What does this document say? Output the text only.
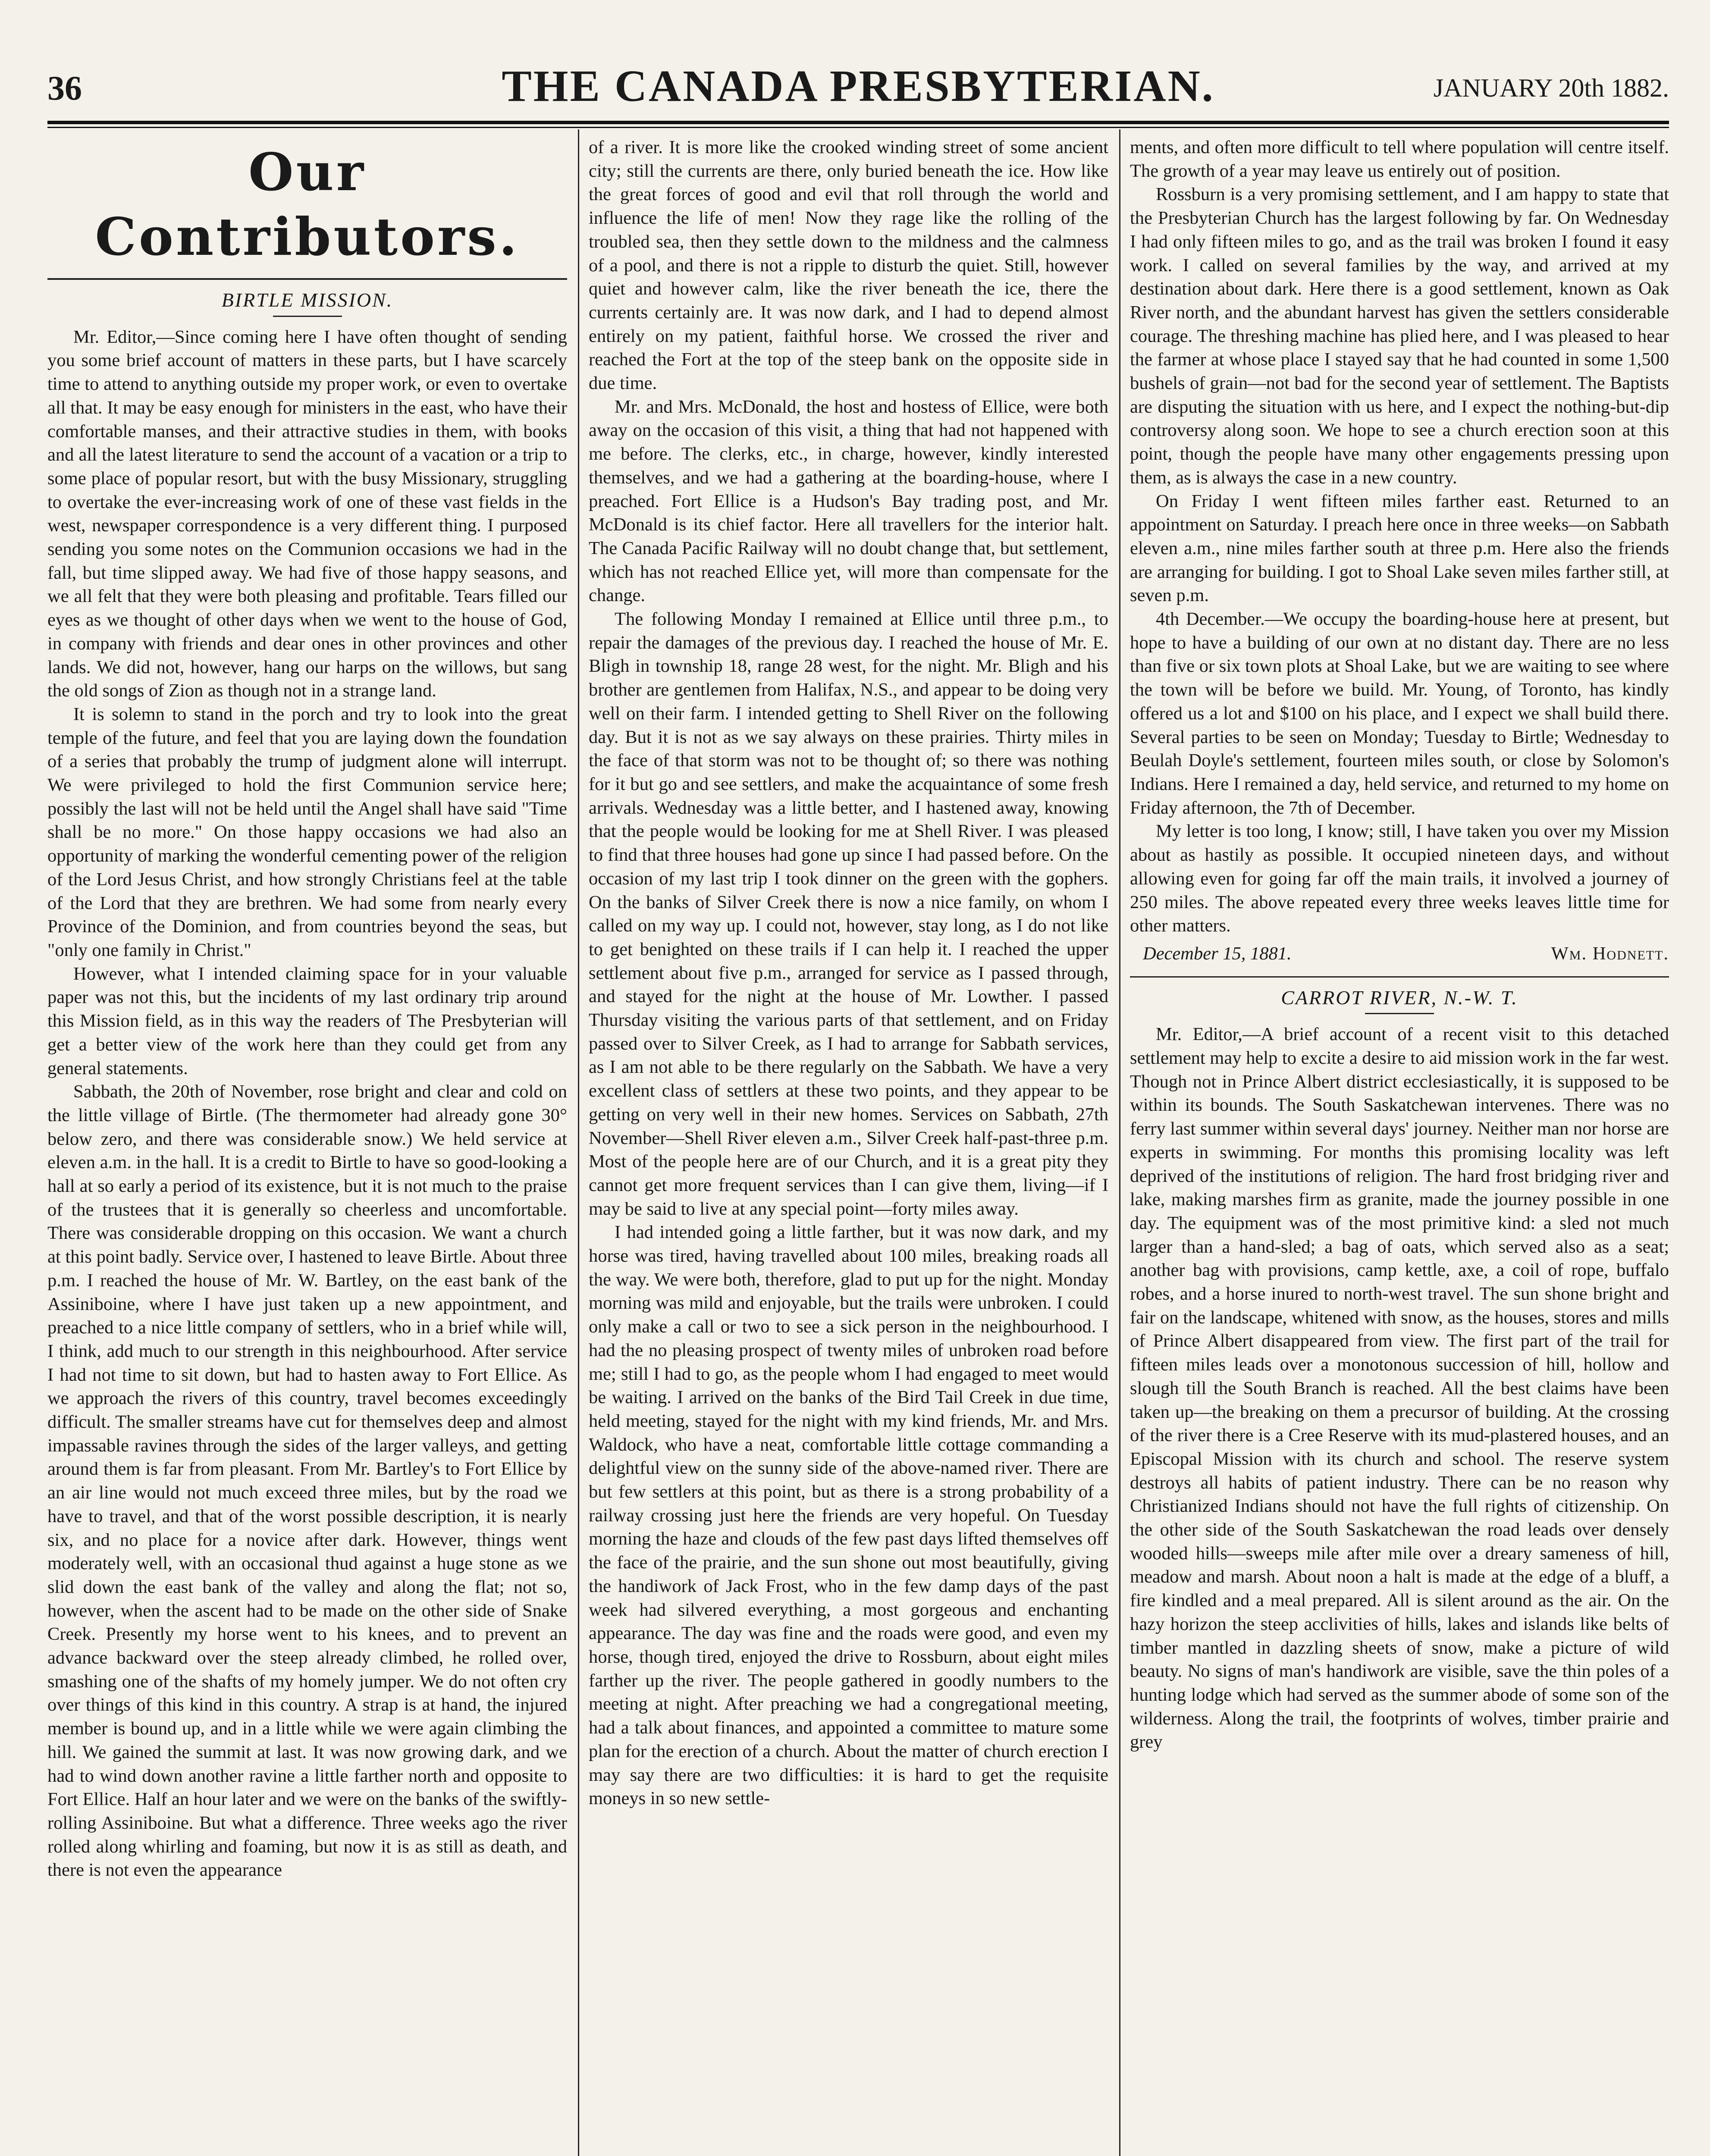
36	THE CANADA PRESBYTERIAN.	JANUARY 20th 1882.
Our Contributors.
BIRTLE MISSION.

Mr. Editor,—Since coming here I have often thought of sending you some brief account of matters in these parts, but I have scarcely time to attend to anything outside my proper work, or even to overtake all that. It may be easy enough for ministers in the east, who have their comfortable manses, and their attractive studies in them, with books and all the latest literature to send the account of a vacation or a trip to some place of popular resort, but with the busy Missionary, struggling to overtake the ever-increasing work of one of these vast fields in the west, newspaper correspondence is a very different thing. I purposed sending you some notes on the Communion occasions we had in the fall, but time slipped away. We had five of those happy seasons, and we all felt that they were both pleasing and profitable. Tears filled our eyes as we thought of other days when we went to the house of God, in company with friends and dear ones in other provinces and other lands. We did not, however, hang our harps on the willows, but sang the old songs of Zion as though not in a strange land.

It is solemn to stand in the porch and try to look into the great temple of the future, and feel that you are laying down the foundation of a series that probably the trump of judgment alone will interrupt. We were privileged to hold the first Communion service here; possibly the last will not be held until the Angel shall have said "Time shall be no more." On those happy occasions we had also an opportunity of marking the wonderful cementing power of the religion of the Lord Jesus Christ, and how strongly Christians feel at the table of the Lord that they are brethren. We had some from nearly every Province of the Dominion, and from countries beyond the seas, but "only one family in Christ."

However, what I intended claiming space for in your valuable paper was not this, but the incidents of my last ordinary trip around this Mission field, as in this way the readers of The Presbyterian will get a better view of the work here than they could get from any general statements.

Sabbath, the 20th of November, rose bright and clear and cold on the little village of Birtle. (The thermometer had already gone 30° below zero, and there was considerable snow.) We held service at eleven a.m. in the hall. It is a credit to Birtle to have so good-looking a hall at so early a period of its existence, but it is not much to the praise of the trustees that it is generally so cheerless and uncomfortable. There was considerable dropping on this occasion. We want a church at this point badly. Service over, I hastened to leave Birtle. About three p.m. I reached the house of Mr. W. Bartley, on the east bank of the Assiniboine, where I have just taken up a new appointment, and preached to a nice little company of settlers, who in a brief while will, I think, add much to our strength in this neighbourhood. After service I had not time to sit down, but had to hasten away to Fort Ellice. As we approach the rivers of this country, travel becomes exceedingly difficult. The smaller streams have cut for themselves deep and almost impassable ravines through the sides of the larger valleys, and getting around them is far from pleasant. From Mr. Bartley's to Fort Ellice by an air line would not much exceed three miles, but by the road we have to travel, and that of the worst possible description, it is nearly six, and no place for a novice after dark. However, things went moderately well, with an occasional thud against a huge stone as we slid down the east bank of the valley and along the flat; not so, however, when the ascent had to be made on the other side of Snake Creek. Presently my horse went to his knees, and to prevent an advance backward over the steep already climbed, he rolled over, smashing one of the shafts of my homely jumper. We do not often cry over things of this kind in this country. A strap is at hand, the injured member is bound up, and in a little while we were again climbing the hill. We gained the summit at last. It was now growing dark, and we had to wind down another ravine a little farther north and opposite to Fort Ellice. Half an hour later and we were on the banks of the swiftly-rolling Assiniboine. But what a difference. Three weeks ago the river rolled along whirling and foaming, but now it is as still as death, and there is not even the appearance

of a river. It is more like the crooked winding street of some ancient city; still the currents are there, only buried beneath the ice. How like the great forces of good and evil that roll through the world and influence the life of men! Now they rage like the rolling of the troubled sea, then they settle down to the mildness and the calmness of a pool, and there is not a ripple to disturb the quiet. Still, however quiet and however calm, like the river beneath the ice, there the currents certainly are. It was now dark, and I had to depend almost entirely on my patient, faithful horse. We crossed the river and reached the Fort at the top of the steep bank on the opposite side in due time.

Mr. and Mrs. McDonald, the host and hostess of Ellice, were both away on the occasion of this visit, a thing that had not happened with me before. The clerks, etc., in charge, however, kindly interested themselves, and we had a gathering at the boarding-house, where I preached. Fort Ellice is a Hudson's Bay trading post, and Mr. McDonald is its chief factor. Here all travellers for the interior halt. The Canada Pacific Railway will no doubt change that, but settlement, which has not reached Ellice yet, will more than compensate for the change.

The following Monday I remained at Ellice until three p.m., to repair the damages of the previous day. I reached the house of Mr. E. Bligh in township 18, range 28 west, for the night. Mr. Bligh and his brother are gentlemen from Halifax, N.S., and appear to be doing very well on their farm. I intended getting to Shell River on the following day. But it is not as we say always on these prairies. Thirty miles in the face of that storm was not to be thought of; so there was nothing for it but go and see settlers, and make the acquaintance of some fresh arrivals. Wednesday was a little better, and I hastened away, knowing that the people would be looking for me at Shell River. I was pleased to find that three houses had gone up since I had passed before. On the occasion of my last trip I took dinner on the green with the gophers. On the banks of Silver Creek there is now a nice family, on whom I called on my way up. I could not, however, stay long, as I do not like to get benighted on these trails if I can help it. I reached the upper settlement about five p.m., arranged for service as I passed through, and stayed for the night at the house of Mr. Lowther. I passed Thursday visiting the various parts of that settlement, and on Friday passed over to Silver Creek, as I had to arrange for Sabbath services, as I am not able to be there regularly on the Sabbath. We have a very excellent class of settlers at these two points, and they appear to be getting on very well in their new homes. Services on Sabbath, 27th November—Shell River eleven a.m., Silver Creek half-past-three p.m. Most of the people here are of our Church, and it is a great pity they cannot get more frequent services than I can give them, living—if I may be said to live at any special point—forty miles away.

I had intended going a little farther, but it was now dark, and my horse was tired, having travelled about 100 miles, breaking roads all the way. We were both, therefore, glad to put up for the night. Monday morning was mild and enjoyable, but the trails were unbroken. I could only make a call or two to see a sick person in the neighbourhood. I had the no pleasing prospect of twenty miles of unbroken road before me; still I had to go, as the people whom I had engaged to meet would be waiting. I arrived on the banks of the Bird Tail Creek in due time, held meeting, stayed for the night with my kind friends, Mr. and Mrs. Waldock, who have a neat, comfortable little cottage commanding a delightful view on the sunny side of the above-named river. There are but few settlers at this point, but as there is a strong probability of a railway crossing just here the friends are very hopeful. On Tuesday morning the haze and clouds of the few past days lifted themselves off the face of the prairie, and the sun shone out most beautifully, giving the handiwork of Jack Frost, who in the few damp days of the past week had silvered everything, a most gorgeous and enchanting appearance. The day was fine and the roads were good, and even my horse, though tired, enjoyed the drive to Rossburn, about eight miles farther up the river. The people gathered in goodly numbers to the meeting at night. After preaching we had a congregational meeting, had a talk about finances, and appointed a committee to mature some plan for the erection of a church. About the matter of church erection I may say there are two difficulties: it is hard to get the requisite moneys in so new settle-

ments, and often more difficult to tell where population will centre itself. The growth of a year may leave us entirely out of position.

Rossburn is a very promising settlement, and I am happy to state that the Presbyterian Church has the largest following by far. On Wednesday I had only fifteen miles to go, and as the trail was broken I found it easy work. I called on several families by the way, and arrived at my destination about dark. Here there is a good settlement, known as Oak River north, and the abundant harvest has given the settlers considerable courage. The threshing machine has plied here, and I was pleased to hear the farmer at whose place I stayed say that he had counted in some 1,500 bushels of grain—not bad for the second year of settlement. The Baptists are disputing the situation with us here, and I expect the nothing-but-dip controversy along soon. We hope to see a church erection soon at this point, though the people have many other engagements pressing upon them, as is always the case in a new country.

On Friday I went fifteen miles farther east. Returned to an appointment on Saturday. I preach here once in three weeks—on Sabbath eleven a.m., nine miles farther south at three p.m. Here also the friends are arranging for building. I got to Shoal Lake seven miles farther still, at seven p.m.

4th December.—We occupy the boarding-house here at present, but hope to have a building of our own at no distant day. There are no less than five or six town plots at Shoal Lake, but we are waiting to see where the town will be before we build. Mr. Young, of Toronto, has kindly offered us a lot and $100 on his place, and I expect we shall build there. Several parties to be seen on Monday; Tuesday to Birtle; Wednesday to Beulah Doyle's settlement, fourteen miles south, or close by Solomon's Indians. Here I remained a day, held service, and returned to my home on Friday afternoon, the 7th of December.

My letter is too long, I know; still, I have taken you over my Mission about as hastily as possible. It occupied nineteen days, and without allowing even for going far off the main trails, it involved a journey of 250 miles. The above repeated every three weeks leaves little time for other matters.

December 15, 1881.	Wm. Hodnett.
CARROT RIVER, N.-W. T.

Mr. Editor,—A brief account of a recent visit to this detached settlement may help to excite a desire to aid mission work in the far west. Though not in Prince Albert district ecclesiastically, it is supposed to be within its bounds. The South Saskatchewan intervenes. There was no ferry last summer within several days' journey. Neither man nor horse are experts in swimming. For months this promising locality was left deprived of the institutions of religion. The hard frost bridging river and lake, making marshes firm as granite, made the journey possible in one day. The equipment was of the most primitive kind: a sled not much larger than a hand-sled; a bag of oats, which served also as a seat; another bag with provisions, camp kettle, axe, a coil of rope, buffalo robes, and a horse inured to north-west travel. The sun shone bright and fair on the landscape, whitened with snow, as the houses, stores and mills of Prince Albert disappeared from view. The first part of the trail for fifteen miles leads over a monotonous succession of hill, hollow and slough till the South Branch is reached. All the best claims have been taken up—the breaking on them a precursor of building. At the crossing of the river there is a Cree Reserve with its mud-plastered houses, and an Episcopal Mission with its church and school. The reserve system destroys all habits of patient industry. There can be no reason why Christianized Indians should not have the full rights of citizenship. On the other side of the South Saskatchewan the road leads over densely wooded hills—sweeps mile after mile over a dreary sameness of hill, meadow and marsh. About noon a halt is made at the edge of a bluff, a fire kindled and a meal prepared. All is silent around as the air. On the hazy horizon the steep acclivities of hills, lakes and islands like belts of timber mantled in dazzling sheets of snow, make a picture of wild beauty. No signs of man's handiwork are visible, save the thin poles of a hunting lodge which had served as the summer abode of some son of the wilderness. Along the trail, the footprints of wolves, timber prairie and grey
